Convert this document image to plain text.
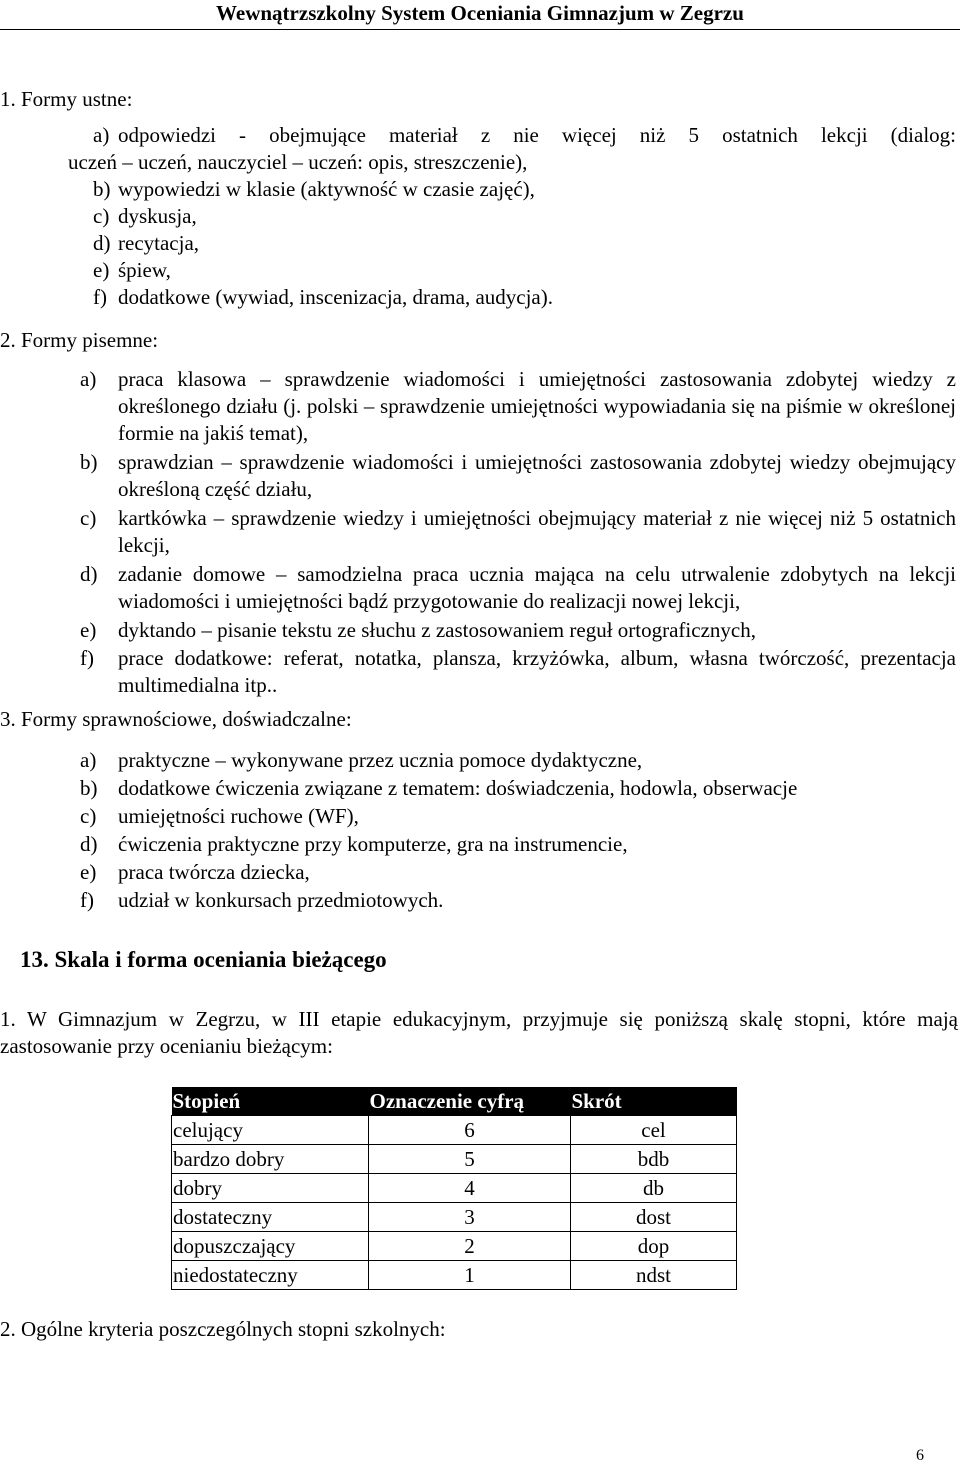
Wewnątrzszkolny System Oceniania Gimnazjum w Zegrzu
1. Formy ustne:
a) odpowiedzi - obejmujące materiał z nie więcej niż 5 ostatnich lekcji (dialog:
uczeń – uczeń, nauczyciel – uczeń: opis, streszczenie),
b) wypowiedzi w klasie (aktywność w czasie zajęć),
c) dyskusja,
d) recytacja,
e) śpiew,
f) dodatkowe (wywiad, inscenizacja, drama, audycja).
2. Formy pisemne:
a) praca klasowa – sprawdzenie wiadomości i umiejętności zastosowania zdobytej wiedzy z określonego działu (j. polski – sprawdzenie umiejętności wypowiadania się na piśmie w określonej formie na jakiś temat),
b) sprawdzian – sprawdzenie wiadomości i umiejętności zastosowania zdobytej wiedzy obejmujący określoną część działu,
c) kartkówka – sprawdzenie wiedzy i umiejętności obejmujący materiał z nie więcej niż 5 ostatnich lekcji,
d) zadanie domowe – samodzielna praca ucznia mająca na celu utrwalenie zdobytych na lekcji wiadomości i umiejętności bądź przygotowanie do realizacji nowej lekcji,
e) dyktando – pisanie tekstu ze słuchu z zastosowaniem reguł ortograficznych,
f) prace dodatkowe: referat, notatka, plansza, krzyżówka, album, własna twórczość, prezentacja multimedialna itp..
3. Formy sprawnościowe, doświadczalne:
a) praktyczne – wykonywane przez ucznia pomoce dydaktyczne,
b) dodatkowe ćwiczenia związane z tematem: doświadczenia, hodowla, obserwacje
c) umiejętności ruchowe (WF),
d) ćwiczenia praktyczne przy komputerze, gra na instrumencie,
e) praca twórcza dziecka,
f) udział w konkursach przedmiotowych.
13. Skala i forma oceniania bieżącego
1. W Gimnazjum w Zegrzu, w III etapie edukacyjnym, przyjmuje się poniższą skalę stopni, które mają zastosowanie przy ocenianiu bieżącym:
Stopień	Oznaczenie cyfrą	Skrót
celujący	6	cel
bardzo dobry	5	bdb
dobry	4	db
dostateczny	3	dost
dopuszczający	2	dop
niedostateczny	1	ndst
2. Ogólne kryteria poszczególnych stopni szkolnych:
6
